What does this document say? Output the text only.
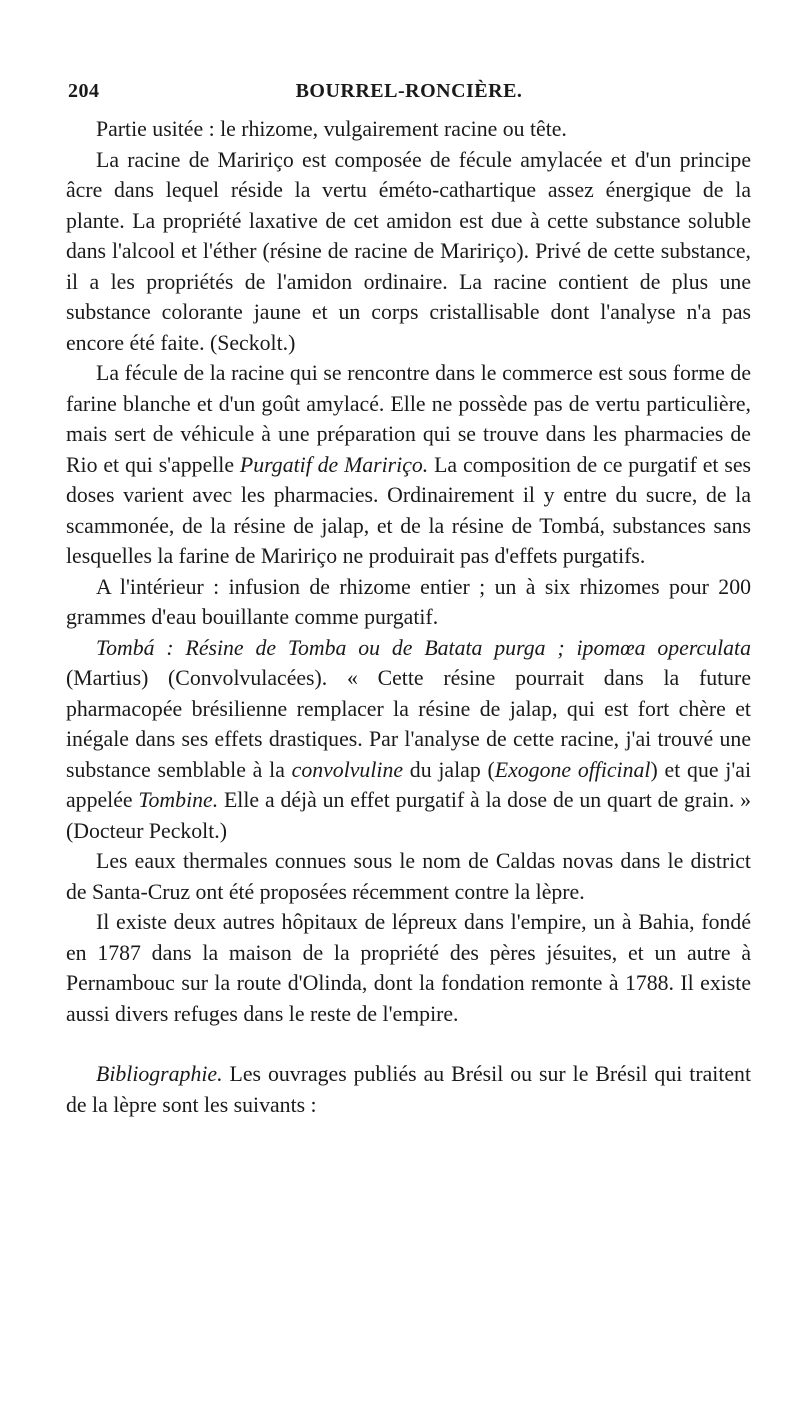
204	BOURREL-RONCIÈRE.

Partie usitée : le rhizome, vulgairement racine ou tête.

La racine de Maririço est composée de fécule amylacée et d'un principe âcre dans lequel réside la vertu éméto-cathartique assez énergique de la plante. La propriété laxative de cet amidon est due à cette substance soluble dans l'alcool et l'éther (résine de racine de Maririço). Privé de cette substance, il a les propriétés de l'amidon ordinaire. La racine contient de plus une substance colorante jaune et un corps cristallisable dont l'analyse n'a pas encore été faite. (Seckolt.)

La fécule de la racine qui se rencontre dans le commerce est sous forme de farine blanche et d'un goût amylacé. Elle ne possède pas de vertu particulière, mais sert de véhicule à une préparation qui se trouve dans les pharmacies de Rio et qui s'appelle Purgatif de Maririço. La composition de ce purgatif et ses doses varient avec les pharmacies. Ordinairement il y entre du sucre, de la scammonée, de la résine de jalap, et de la résine de Tombá, substances sans lesquelles la farine de Maririço ne produirait pas d'effets purgatifs.

A l'intérieur : infusion de rhizome entier ; un à six rhizomes pour 200 grammes d'eau bouillante comme purgatif.

Tombá : Résine de Tomba ou de Batata purga ; ipomœa operculata (Martius) (Convolvulacées). « Cette résine pourrait dans la future pharmacopée brésilienne remplacer la résine de jalap, qui est fort chère et inégale dans ses effets drastiques. Par l'analyse de cette racine, j'ai trouvé une substance semblable à la convolvuline du jalap (Exogone officinal) et que j'ai appelée Tombine. Elle a déjà un effet purgatif à la dose de un quart de grain. » (Docteur Peckolt.)

Les eaux thermales connues sous le nom de Caldas novas dans le district de Santa-Cruz ont été proposées récemment contre la lèpre.

Il existe deux autres hôpitaux de lépreux dans l'empire, un à Bahia, fondé en 1787 dans la maison de la propriété des pères jésuites, et un autre à Pernambouc sur la route d'Olinda, dont la fondation remonte à 1788. Il existe aussi divers refuges dans le reste de l'empire.

Bibliographie. Les ouvrages publiés au Brésil ou sur le Brésil qui traitent de la lèpre sont les suivants :
